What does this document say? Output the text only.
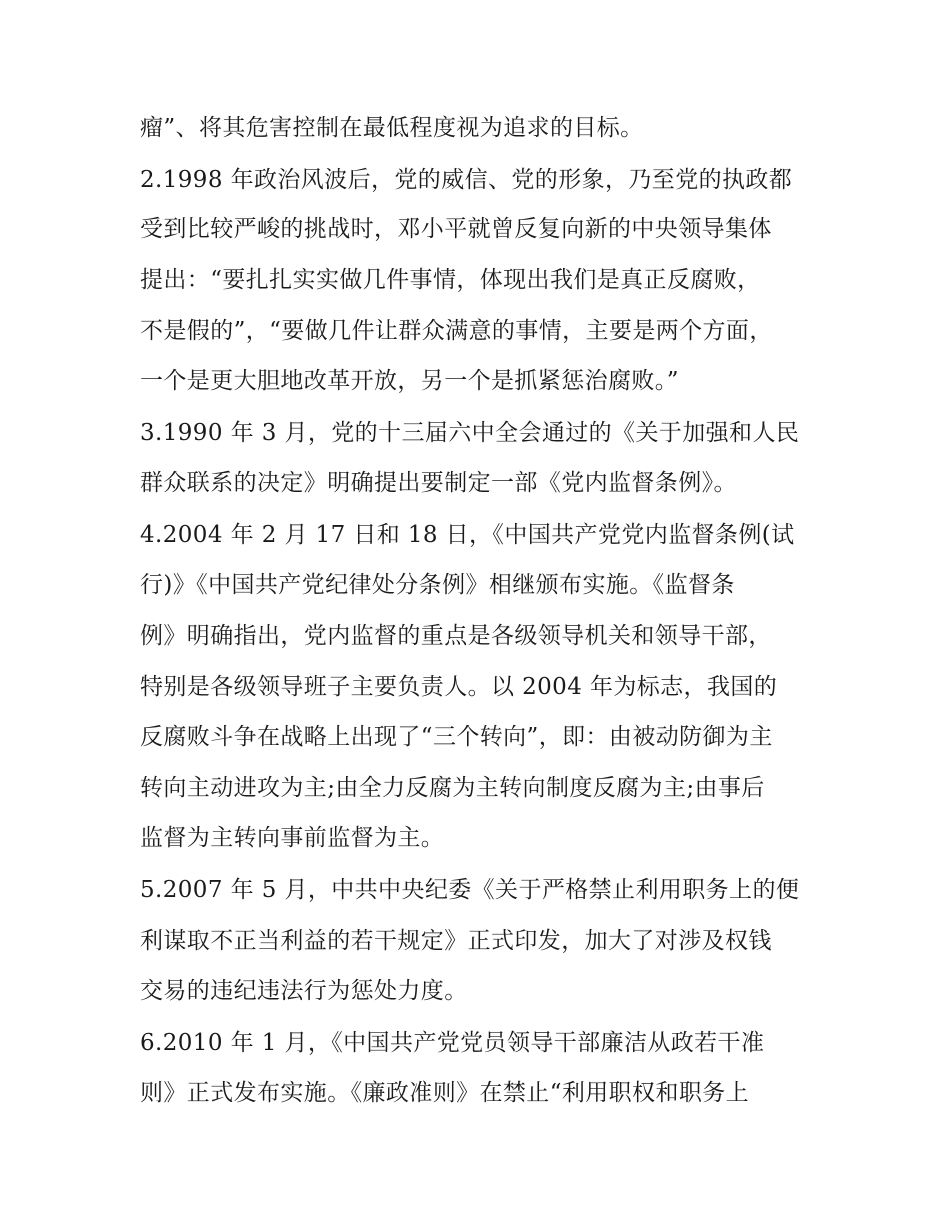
瘤”、将其危害控制在最低程度视为追求的目标。
2.1998 年政治风波后，党的威信、党的形象，乃至党的执政都
受到比较严峻的挑战时，邓小平就曾反复向新的中央领导集体
提出：“要扎扎实实做几件事情，体现出我们是真正反腐败，
不是假的”，“要做几件让群众满意的事情，主要是两个方面，
一个是更大胆地改革开放，另一个是抓紧惩治腐败。”
3.1990 年 3 月，党的十三届六中全会通过的《关于加强和人民
群众联系的决定》明确提出要制定一部《党内监督条例》。
4.2004 年 2 月 17 日和 18 日，《中国共产党党内监督条例(试
行)》《中国共产党纪律处分条例》相继颁布实施。《监督条
例》明确指出，党内监督的重点是各级领导机关和领导干部，
特别是各级领导班子主要负责人。以 2004 年为标志，我国的
反腐败斗争在战略上出现了“三个转向”，即：由被动防御为主
转向主动进攻为主;由全力反腐为主转向制度反腐为主;由事后
监督为主转向事前监督为主。
5.2007 年 5 月，中共中央纪委《关于严格禁止利用职务上的便
利谋取不正当利益的若干规定》正式印发，加大了对涉及权钱
交易的违纪违法行为惩处力度。
6.2010 年 1 月，《中国共产党党员领导干部廉洁从政若干准
则》正式发布实施。《廉政准则》在禁止“利用职权和职务上
